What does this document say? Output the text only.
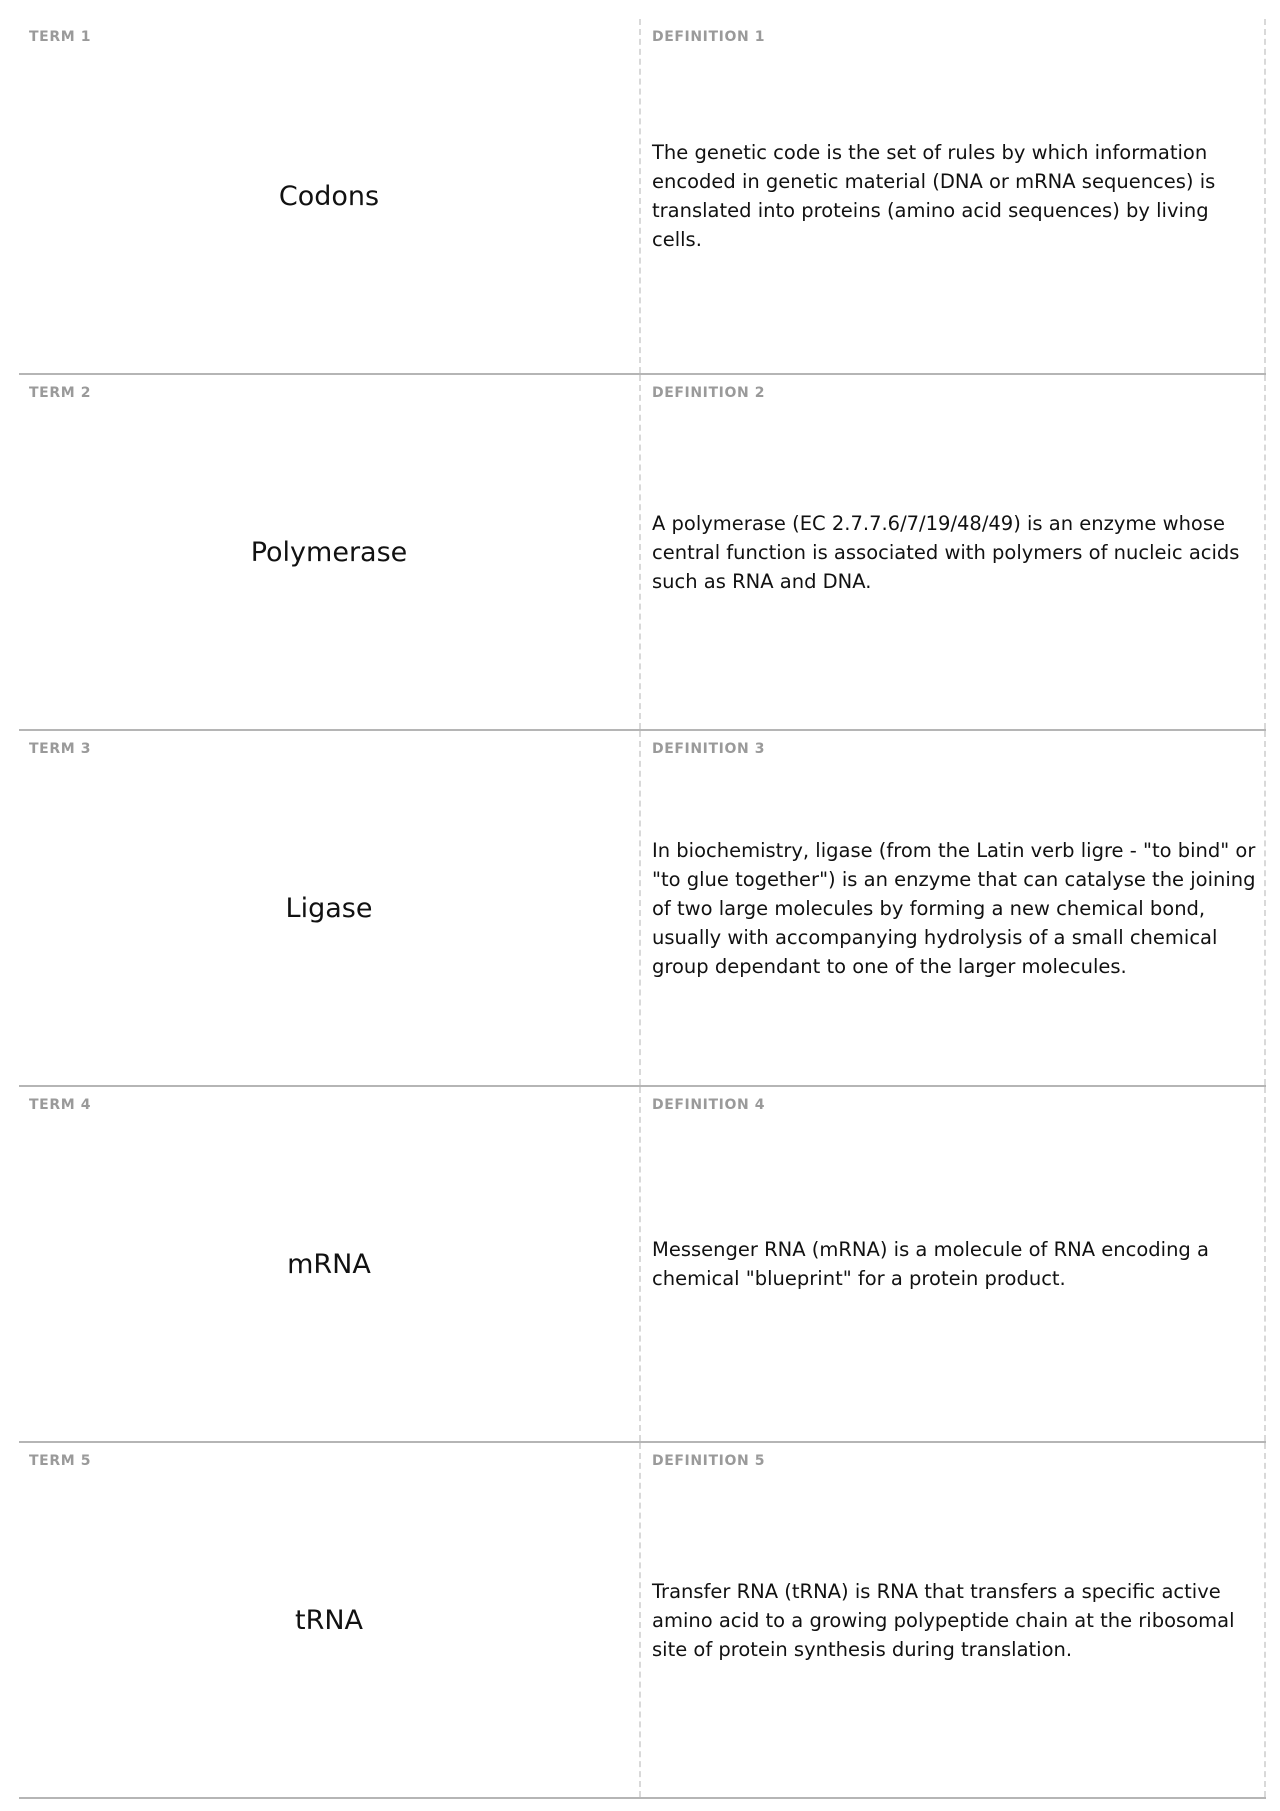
TERM 1
Codons
DEFINITION 1
The genetic code is the set of rules by which information encoded in genetic material (DNA or mRNA sequences) is translated into proteins (amino acid sequences) by living cells.
TERM 2
Polymerase
DEFINITION 2
A polymerase (EC 2.7.7.6/7/19/48/49) is an enzyme whose central function is associated with polymers of nucleic acids such as RNA and DNA.
TERM 3
Ligase
DEFINITION 3
In biochemistry, ligase (from the Latin verb ligre - "to bind" or "to glue together") is an enzyme that can catalyse the joining of two large molecules by forming a new chemical bond, usually with accompanying hydrolysis of a small chemical group dependant to one of the larger molecules.
TERM 4
mRNA
DEFINITION 4
Messenger RNA (mRNA) is a molecule of RNA encoding a chemical "blueprint" for a protein product.
TERM 5
tRNA
DEFINITION 5
Transfer RNA (tRNA) is RNA that transfers a specific active amino acid to a growing polypeptide chain at the ribosomal site of protein synthesis during translation.
